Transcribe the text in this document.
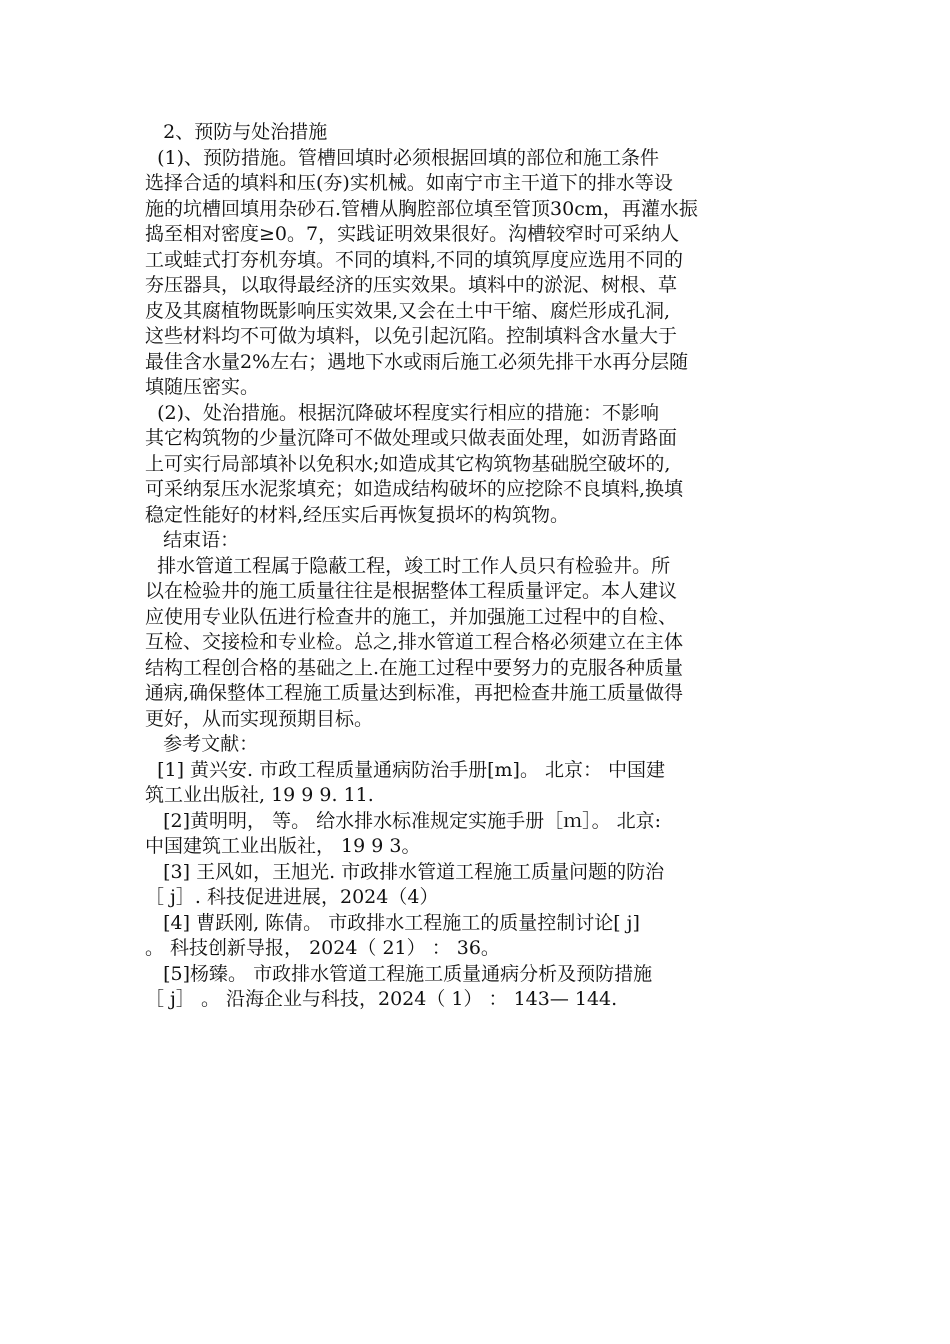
2、预防与处治措施
(1)、预防措施。管槽回填时必须根据回填的部位和施工条件
选择合适的填料和压(夯)实机械。如南宁市主干道下的排水等设
施的坑槽回填用杂砂石.管槽从胸腔部位填至管顶30cm，再灌水振
捣至相对密度≥0。7，实践证明效果很好。沟槽较窄时可采纳人
工或蛙式打夯机夯填。不同的填料,不同的填筑厚度应选用不同的
夯压器具，以取得最经济的压实效果。填料中的淤泥、树根、草
皮及其腐植物既影响压实效果,又会在土中干缩、腐烂形成孔洞,
这些材料均不可做为填料，以免引起沉陷。控制填料含水量大于
最佳含水量2%左右；遇地下水或雨后施工必须先排干水再分层随
填随压密实。
(2)、处治措施。根据沉降破坏程度实行相应的措施：不影响
其它构筑物的少量沉降可不做处理或只做表面处理，如沥青路面
上可实行局部填补以免积水;如造成其它构筑物基础脱空破坏的,
可采纳泵压水泥浆填充；如造成结构破坏的应挖除不良填料,换填
稳定性能好的材料,经压实后再恢复损坏的构筑物。
结束语：
排水管道工程属于隐蔽工程，竣工时工作人员只有检验井。所
以在检验井的施工质量往往是根据整体工程质量评定。本人建议
应使用专业队伍进行检查井的施工，并加强施工过程中的自检、
互检、交接检和专业检。总之,排水管道工程合格必须建立在主体
结构工程创合格的基础之上.在施工过程中要努力的克服各种质量
通病,确保整体工程施工质量达到标准，再把检查井施工质量做得
更好，从而实现预期目标。
参考文献：
[1] 黄兴安. 市政工程质量通病防治手册[m]。 北京： 中国建
筑工业出版社, 19 9 9. 11.
[2]黄明明， 等。 给水排水标准规定实施手册［ｍ］。 北京:
中国建筑工业出版社， 19 9 3。
[3] 王风如，王旭光. 市政排水管道工程施工质量问题的防治
［ j］. 科技促进进展，2024（4）
[4] 曹跃刚, 陈倩。 市政排水工程施工的质量控制讨论[ j]
。 科技创新导报， 2024（ 21） ： 36。
[5]杨臻。 市政排水管道工程施工质量通病分析及预防措施
［ j］ 。 沿海企业与科技，2024（ 1） ： 143— 144.
